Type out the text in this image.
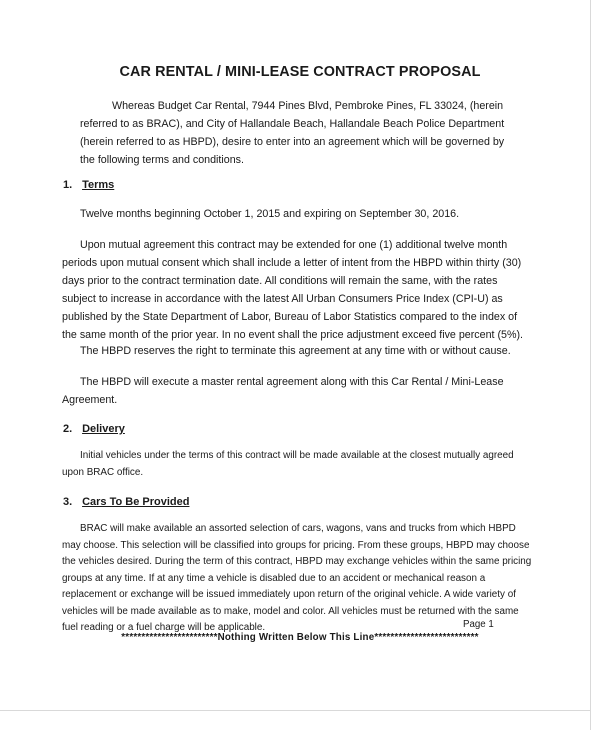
CAR RENTAL / MINI-LEASE CONTRACT PROPOSAL

Whereas Budget Car Rental, 7944 Pines Blvd, Pembroke Pines, FL 33024, (herein referred to as BRAC), and City of Hallandale Beach, Hallandale Beach Police Department (herein referred to as HBPD), desire to enter into an agreement which will be governed by the following terms and conditions.

1. Terms

Twelve months beginning October 1, 2015 and expiring on September 30, 2016.

Upon mutual agreement this contract may be extended for one (1) additional twelve month periods upon mutual consent which shall include a letter of intent from the HBPD within thirty (30) days prior to the contract termination date. All conditions will remain the same, with the rates subject to increase in accordance with the latest All Urban Consumers Price Index (CPI-U) as published by the State Department of Labor, Bureau of Labor Statistics compared to the index of the same month of the prior year. In no event shall the price adjustment exceed five percent (5%).

The HBPD reserves the right to terminate this agreement at any time with or without cause.

The HBPD will execute a master rental agreement along with this Car Rental / Mini-Lease Agreement.

2. Delivery

Initial vehicles under the terms of this contract will be made available at the closest mutually agreed upon BRAC office.

3. Cars To Be Provided

BRAC will make available an assorted selection of cars, wagons, vans and trucks from which HBPD may choose. This selection will be classified into groups for pricing. From these groups, HBPD may choose the vehicles desired. During the term of this contract, HBPD may exchange vehicles within the same pricing groups at any time. If at any time a vehicle is disabled due to an accident or mechanical reason a replacement or exchange will be issued immediately upon return of the original vehicle. A wide variety of vehicles will be made available as to make, model and color. All vehicles must be returned with the same fuel reading or a fuel charge will be applicable.	Page 1
************************Nothing Written Below This Line**************************
